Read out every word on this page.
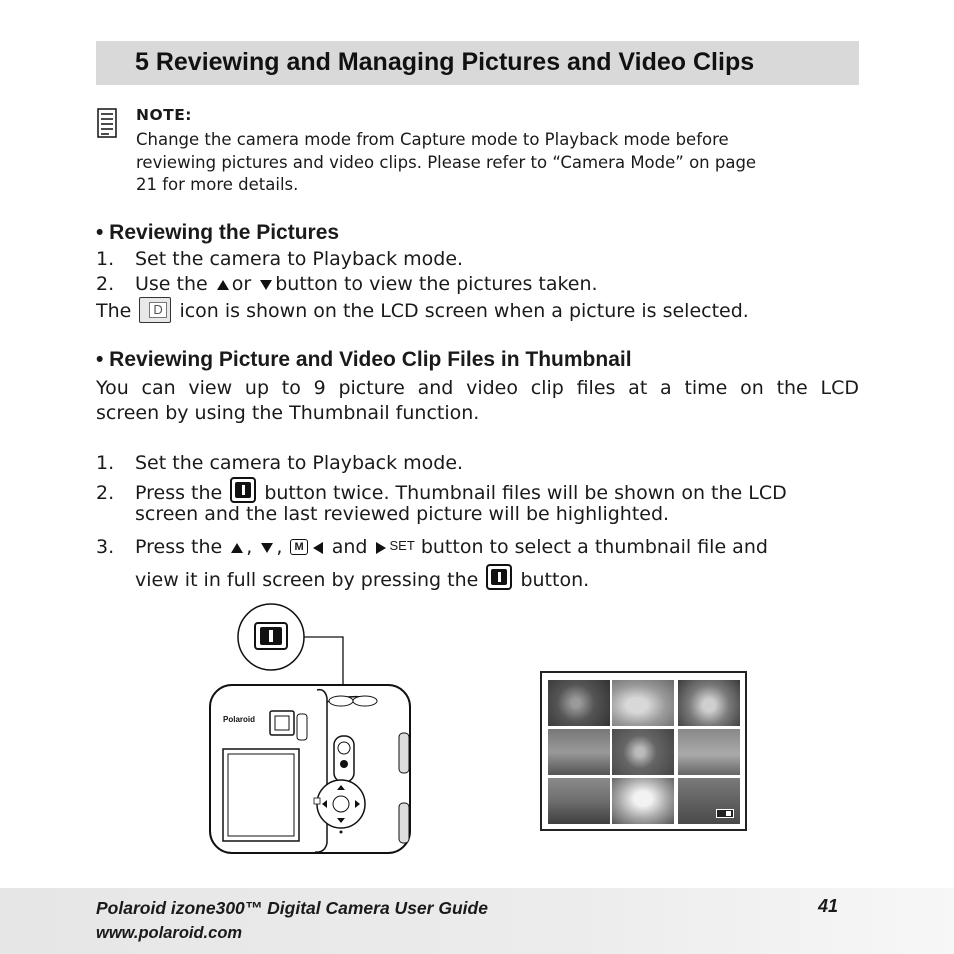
5 Reviewing and Managing Pictures and Video Clips
NOTE:
Change the camera mode from Capture mode to Playback mode before
reviewing pictures and video clips. Please refer to “Camera Mode” on page
21 for more details.
• Reviewing the Pictures
1. Set the camera to Playback mode.
2. Use the or button to view the pictures taken.
The	D icon is shown on the LCD screen when a picture is selected.
• Reviewing Picture and Video Clip Files in Thumbnail
You can view up to 9 picture and video clip files at a time on the LCD
screen by using the Thumbnail function.
1. Set the camera to Playback mode.
2. Press the button twice. Thumbnail files will be shown on the LCD
screen and the last reviewed picture will be highlighted.
3. Press the , , M and SET button to select a thumbnail file and
view it in full screen by pressing the button.
Polaroid
Polaroid izone300™ Digital Camera User Guide
www.polaroid.com
41
